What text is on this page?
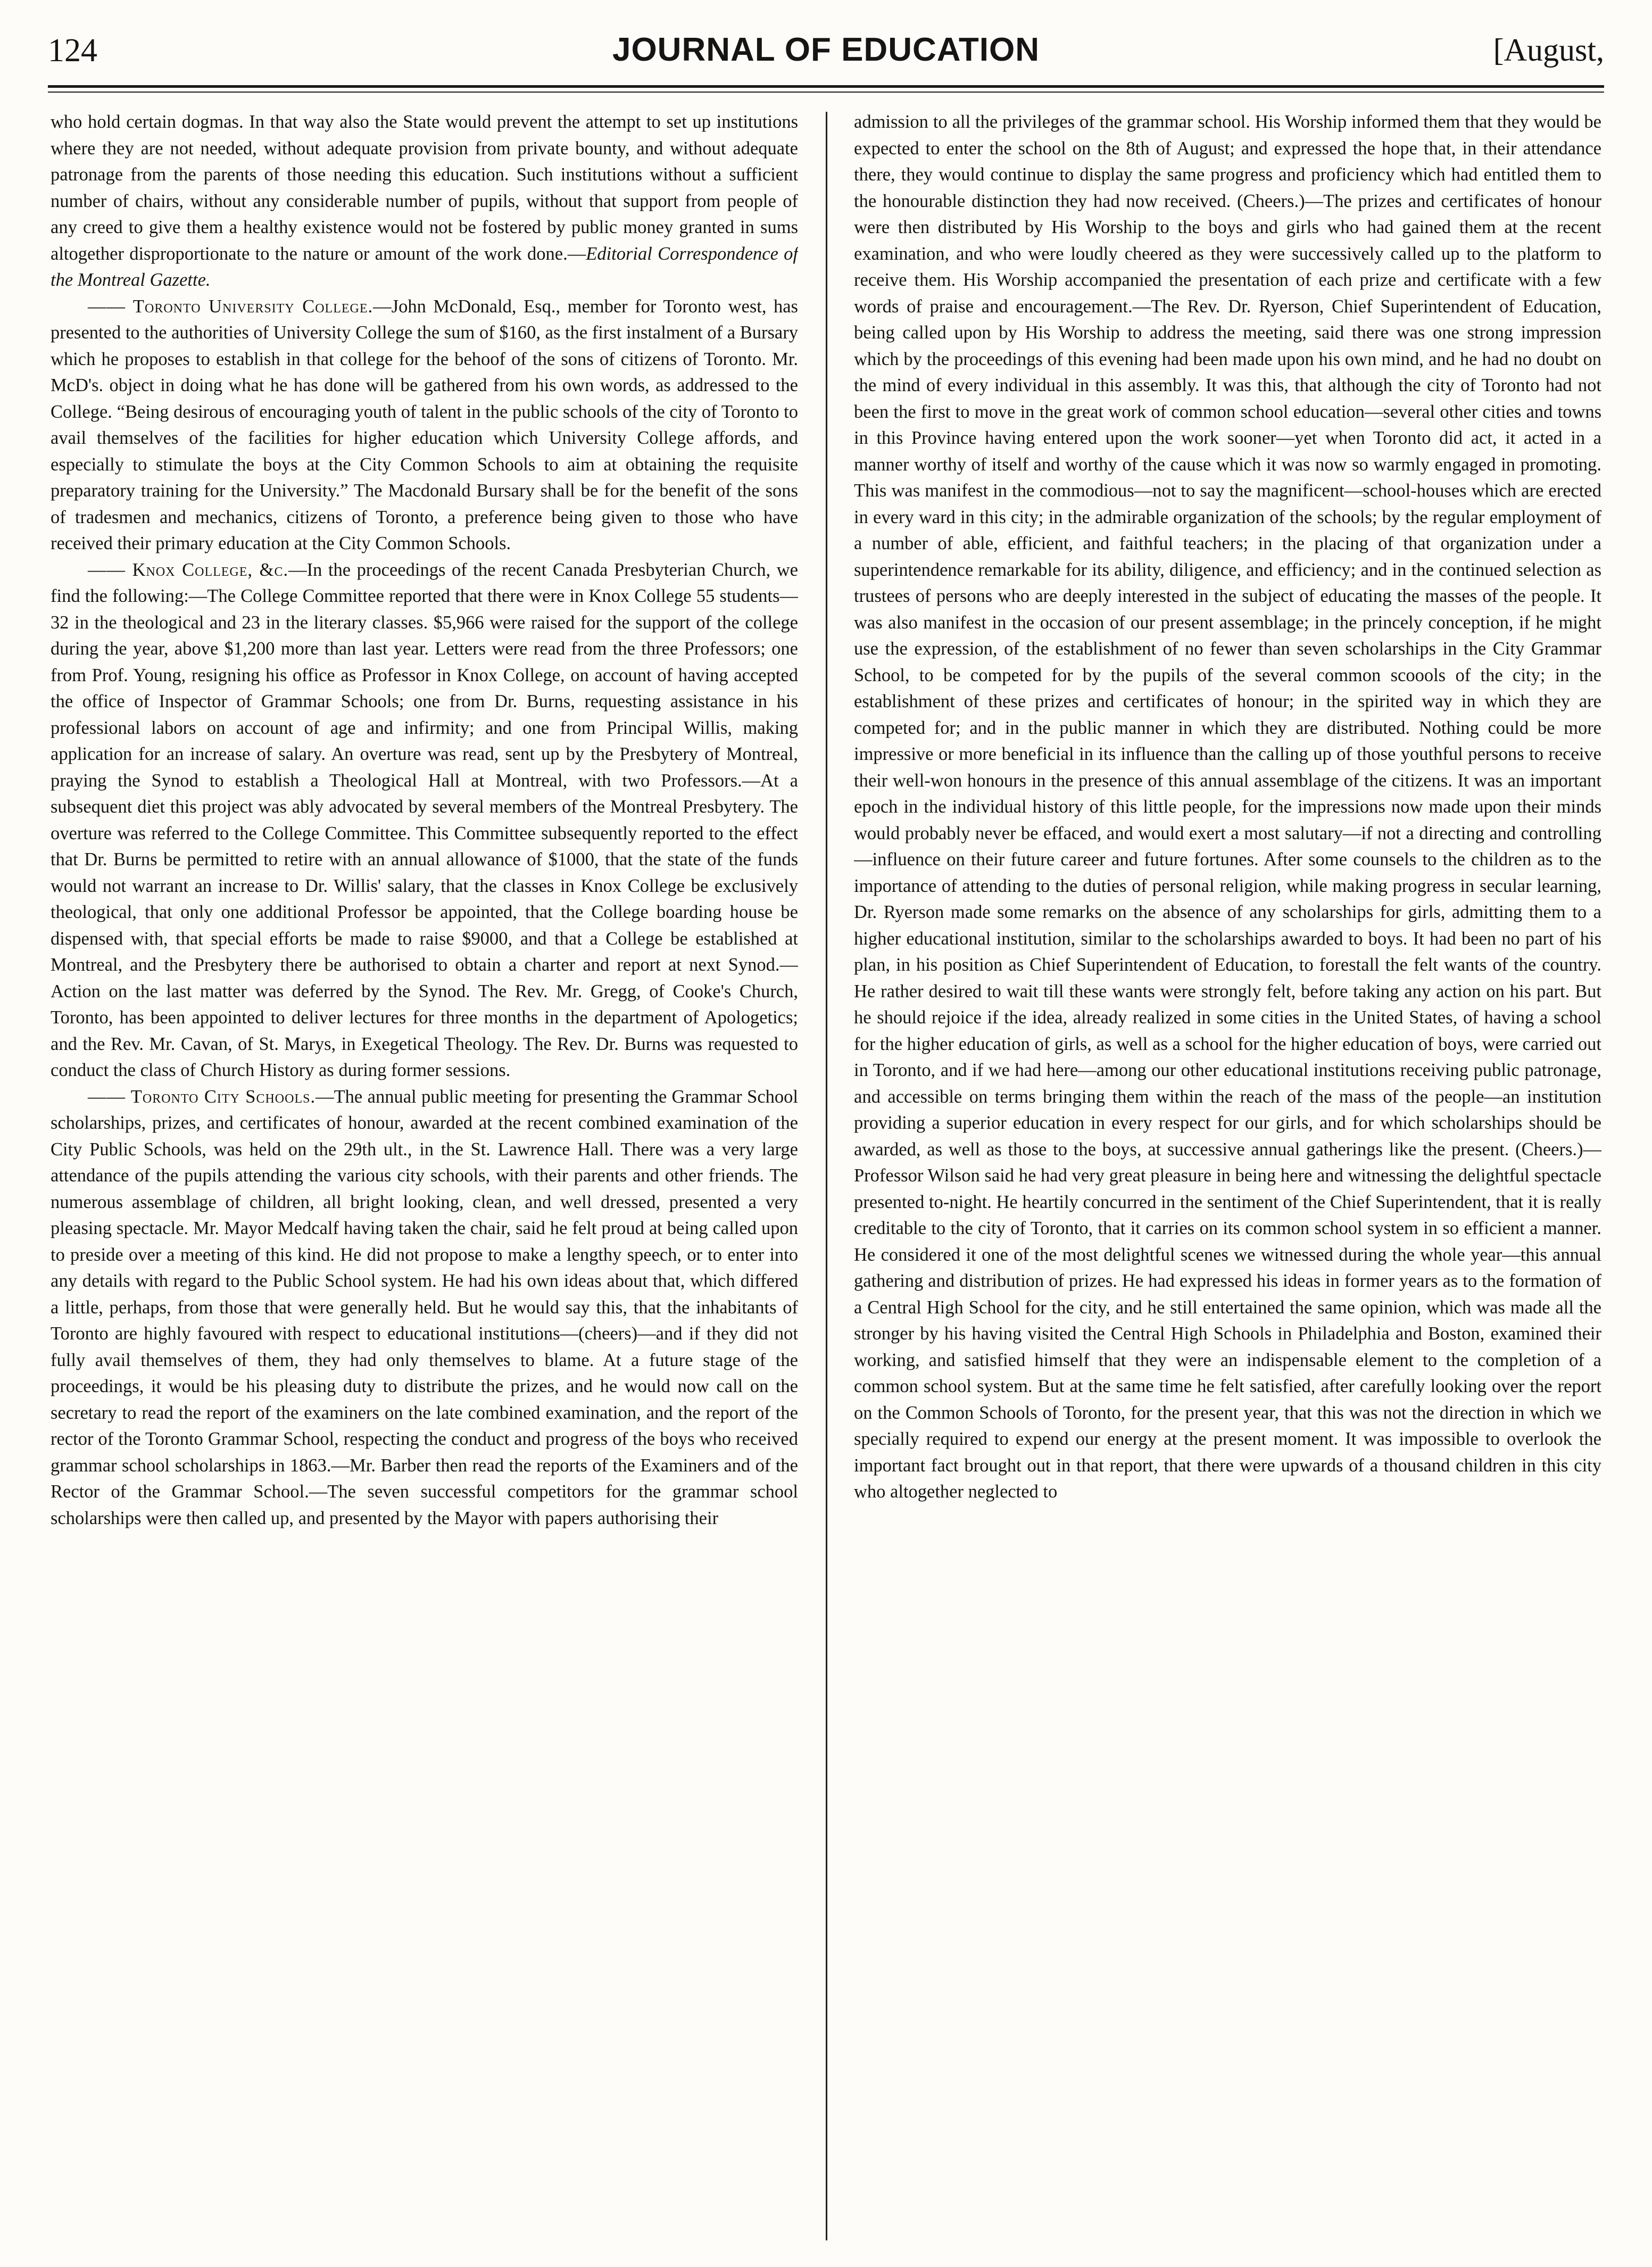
124	JOURNAL OF EDUCATION	[August,

who hold certain dogmas. In that way also the State would prevent the attempt to set up institutions where they are not needed, without adequate provision from private bounty, and without adequate patronage from the parents of those needing this education. Such institutions without a sufficient number of chairs, without any considerable number of pupils, without that support from people of any creed to give them a healthy existence would not be fostered by public money granted in sums altogether disproportionate to the nature or amount of the work done.—Editorial Correspondence of the Montreal Gazette.

—— Toronto University College.—John McDonald, Esq., member for Toronto west, has presented to the authorities of University College the sum of $160, as the first instalment of a Bursary which he proposes to establish in that college for the behoof of the sons of citizens of Toronto. Mr. McD's. object in doing what he has done will be gathered from his own words, as addressed to the College. “Being desirous of encouraging youth of talent in the public schools of the city of Toronto to avail themselves of the facilities for higher education which University College affords, and especially to stimulate the boys at the City Common Schools to aim at obtaining the requisite preparatory training for the University.” The Macdonald Bursary shall be for the benefit of the sons of tradesmen and mechanics, citizens of Toronto, a preference being given to those who have received their primary education at the City Common Schools.

—— Knox College, &c.—In the proceedings of the recent Canada Presbyterian Church, we find the following:—The College Committee reported that there were in Knox College 55 students—32 in the theological and 23 in the literary classes. $5,966 were raised for the support of the college during the year, above $1,200 more than last year. Letters were read from the three Professors; one from Prof. Young, resigning his office as Professor in Knox College, on account of having accepted the office of Inspector of Grammar Schools; one from Dr. Burns, requesting assistance in his professional labors on account of age and infirmity; and one from Principal Willis, making application for an increase of salary. An overture was read, sent up by the Presbytery of Montreal, praying the Synod to establish a Theological Hall at Montreal, with two Professors.—At a subsequent diet this project was ably advocated by several members of the Montreal Presbytery. The overture was referred to the College Committee. This Committee subsequently reported to the effect that Dr. Burns be permitted to retire with an annual allowance of $1000, that the state of the funds would not warrant an increase to Dr. Willis' salary, that the classes in Knox College be exclusively theological, that only one additional Professor be appointed, that the College boarding house be dispensed with, that special efforts be made to raise $9000, and that a College be established at Montreal, and the Presbytery there be authorised to obtain a charter and report at next Synod.—Action on the last matter was deferred by the Synod. The Rev. Mr. Gregg, of Cooke's Church, Toronto, has been appointed to deliver lectures for three months in the department of Apologetics; and the Rev. Mr. Cavan, of St. Marys, in Exegetical Theology. The Rev. Dr. Burns was requested to conduct the class of Church History as during former sessions.

—— Toronto City Schools.—The annual public meeting for presenting the Grammar School scholarships, prizes, and certificates of honour, awarded at the recent combined examination of the City Public Schools, was held on the 29th ult., in the St. Lawrence Hall. There was a very large attendance of the pupils attending the various city schools, with their parents and other friends. The numerous assemblage of children, all bright looking, clean, and well dressed, presented a very pleasing spectacle. Mr. Mayor Medcalf having taken the chair, said he felt proud at being called upon to preside over a meeting of this kind. He did not propose to make a lengthy speech, or to enter into any details with regard to the Public School system. He had his own ideas about that, which differed a little, perhaps, from those that were generally held. But he would say this, that the inhabitants of Toronto are highly favoured with respect to educational institutions—(cheers)—and if they did not fully avail themselves of them, they had only themselves to blame. At a future stage of the proceedings, it would be his pleasing duty to distribute the prizes, and he would now call on the secretary to read the report of the examiners on the late combined examination, and the report of the rector of the Toronto Grammar School, respecting the conduct and progress of the boys who received grammar school scholarships in 1863.—Mr. Barber then read the reports of the Examiners and of the Rector of the Grammar School.—The seven successful competitors for the grammar school scholarships were then called up, and presented by the Mayor with papers authorising their

admission to all the privileges of the grammar school. His Worship informed them that they would be expected to enter the school on the 8th of August; and expressed the hope that, in their attendance there, they would continue to display the same progress and proficiency which had entitled them to the honourable distinction they had now received. (Cheers.)—The prizes and certificates of honour were then distributed by His Worship to the boys and girls who had gained them at the recent examination, and who were loudly cheered as they were successively called up to the platform to receive them. His Worship accompanied the presentation of each prize and certificate with a few words of praise and encouragement.—The Rev. Dr. Ryerson, Chief Superintendent of Education, being called upon by His Worship to address the meeting, said there was one strong impression which by the proceedings of this evening had been made upon his own mind, and he had no doubt on the mind of every individual in this assembly. It was this, that although the city of Toronto had not been the first to move in the great work of common school education—several other cities and towns in this Province having entered upon the work sooner—yet when Toronto did act, it acted in a manner worthy of itself and worthy of the cause which it was now so warmly engaged in promoting. This was manifest in the commodious—not to say the magnificent—school-houses which are erected in every ward in this city; in the admirable organization of the schools; by the regular employment of a number of able, efficient, and faithful teachers; in the placing of that organization under a superintendence remarkable for its ability, diligence, and efficiency; and in the continued selection as trustees of persons who are deeply interested in the subject of educating the masses of the people. It was also manifest in the occasion of our present assemblage; in the princely conception, if he might use the expression, of the establishment of no fewer than seven scholarships in the City Grammar School, to be competed for by the pupils of the several common scoools of the city; in the establishment of these prizes and certificates of honour; in the spirited way in which they are competed for; and in the public manner in which they are distributed. Nothing could be more impressive or more beneficial in its influence than the calling up of those youthful persons to receive their well-won honours in the presence of this annual assemblage of the citizens. It was an important epoch in the individual history of this little people, for the impressions now made upon their minds would probably never be effaced, and would exert a most salutary—if not a directing and controlling—influence on their future career and future fortunes. After some counsels to the children as to the importance of attending to the duties of personal religion, while making progress in secular learning, Dr. Ryerson made some remarks on the absence of any scholarships for girls, admitting them to a higher educational institution, similar to the scholarships awarded to boys. It had been no part of his plan, in his position as Chief Superintendent of Education, to forestall the felt wants of the country. He rather desired to wait till these wants were strongly felt, before taking any action on his part. But he should rejoice if the idea, already realized in some cities in the United States, of having a school for the higher education of girls, as well as a school for the higher education of boys, were carried out in Toronto, and if we had here—among our other educational institutions receiving public patronage, and accessible on terms bringing them within the reach of the mass of the people—an institution providing a superior education in every respect for our girls, and for which scholarships should be awarded, as well as those to the boys, at successive annual gatherings like the present. (Cheers.)—Professor Wilson said he had very great pleasure in being here and witnessing the delightful spectacle presented to-night. He heartily concurred in the sentiment of the Chief Superintendent, that it is really creditable to the city of Toronto, that it carries on its common school system in so efficient a manner. He considered it one of the most delightful scenes we witnessed during the whole year—this annual gathering and distribution of prizes. He had expressed his ideas in former years as to the formation of a Central High School for the city, and he still entertained the same opinion, which was made all the stronger by his having visited the Central High Schools in Philadelphia and Boston, examined their working, and satisfied himself that they were an indispensable element to the completion of a common school system. But at the same time he felt satisfied, after carefully looking over the report on the Common Schools of Toronto, for the present year, that this was not the direction in which we specially required to expend our energy at the present moment. It was impossible to overlook the important fact brought out in that report, that there were upwards of a thousand children in this city who altogether neglected to
